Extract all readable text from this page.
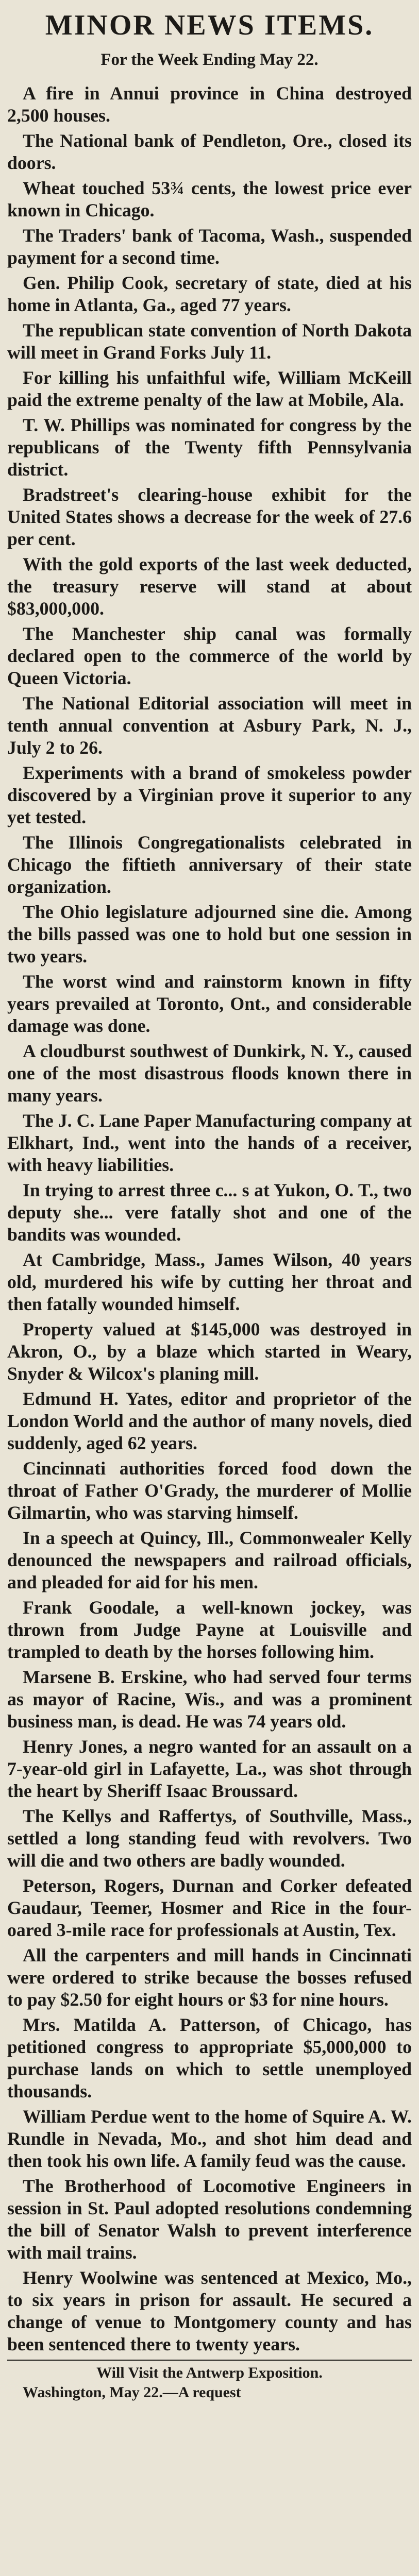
MINOR NEWS ITEMS.
For the Week Ending May 22.

A fire in Annui province in China destroyed 2,500 houses.

The National bank of Pendleton, Ore., closed its doors.

Wheat touched 53¾ cents, the lowest price ever known in Chicago.

The Traders' bank of Tacoma, Wash., suspended payment for a second time.

Gen. Philip Cook, secretary of state, died at his home in Atlanta, Ga., aged 77 years.

The republican state convention of North Dakota will meet in Grand Forks July 11.

For killing his unfaithful wife, William McKeill paid the extreme penalty of the law at Mobile, Ala.

T. W. Phillips was nominated for congress by the republicans of the Twenty fifth Pennsylvania district.

Bradstreet's clearing-house exhibit for the United States shows a decrease for the week of 27.6 per cent.

With the gold exports of the last week deducted, the treasury reserve will stand at about $83,000,000.

The Manchester ship canal was formally declared open to the commerce of the world by Queen Victoria.

The National Editorial association will meet in tenth annual convention at Asbury Park, N. J., July 2 to 26.

Experiments with a brand of smokeless powder discovered by a Virginian prove it superior to any yet tested.

The Illinois Congregationalists celebrated in Chicago the fiftieth anniversary of their state organization.

The Ohio legislature adjourned sine die. Among the bills passed was one to hold but one session in two years.

The worst wind and rainstorm known in fifty years prevailed at Toronto, Ont., and considerable damage was done.

A cloudburst southwest of Dunkirk, N. Y., caused one of the most disastrous floods known there in many years.

The J. C. Lane Paper Manufacturing company at Elkhart, Ind., went into the hands of a receiver, with heavy liabilities.

In trying to arrest three c... s at Yukon, O. T., two deputy she... vere fatally shot and one of the bandits was wounded.

At Cambridge, Mass., James Wilson, 40 years old, murdered his wife by cutting her throat and then fatally wounded himself.

Property valued at $145,000 was destroyed in Akron, O., by a blaze which started in Weary, Snyder & Wilcox's planing mill.

Edmund H. Yates, editor and proprietor of the London World and the author of many novels, died suddenly, aged 62 years.

Cincinnati authorities forced food down the throat of Father O'Grady, the murderer of Mollie Gilmartin, who was starving himself.

In a speech at Quincy, Ill., Commonwealer Kelly denounced the newspapers and railroad officials, and pleaded for aid for his men.

Frank Goodale, a well-known jockey, was thrown from Judge Payne at Louisville and trampled to death by the horses following him.

Marsene B. Erskine, who had served four terms as mayor of Racine, Wis., and was a prominent business man, is dead. He was 74 years old.

Henry Jones, a negro wanted for an assault on a 7-year-old girl in Lafayette, La., was shot through the heart by Sheriff Isaac Broussard.

The Kellys and Raffertys, of Southville, Mass., settled a long standing feud with revolvers. Two will die and two others are badly wounded.

Peterson, Rogers, Durnan and Corker defeated Gaudaur, Teemer, Hosmer and Rice in the four-oared 3-mile race for professionals at Austin, Tex.

All the carpenters and mill hands in Cincinnati were ordered to strike because the bosses refused to pay $2.50 for eight hours or $3 for nine hours.

Mrs. Matilda A. Patterson, of Chicago, has petitioned congress to appropriate $5,000,000 to purchase lands on which to settle unemployed thousands.

William Perdue went to the home of Squire A. W. Rundle in Nevada, Mo., and shot him dead and then took his own life. A family feud was the cause.

The Brotherhood of Locomotive Engineers in session in St. Paul adopted resolutions condemning the bill of Senator Walsh to prevent interference with mail trains.

Henry Woolwine was sentenced at Mexico, Mo., to six years in prison for assault. He secured a change of venue to Montgomery county and has been sentenced there to twenty years.

Will Visit the Antwerp Exposition.

Washington, May 22.—A request
